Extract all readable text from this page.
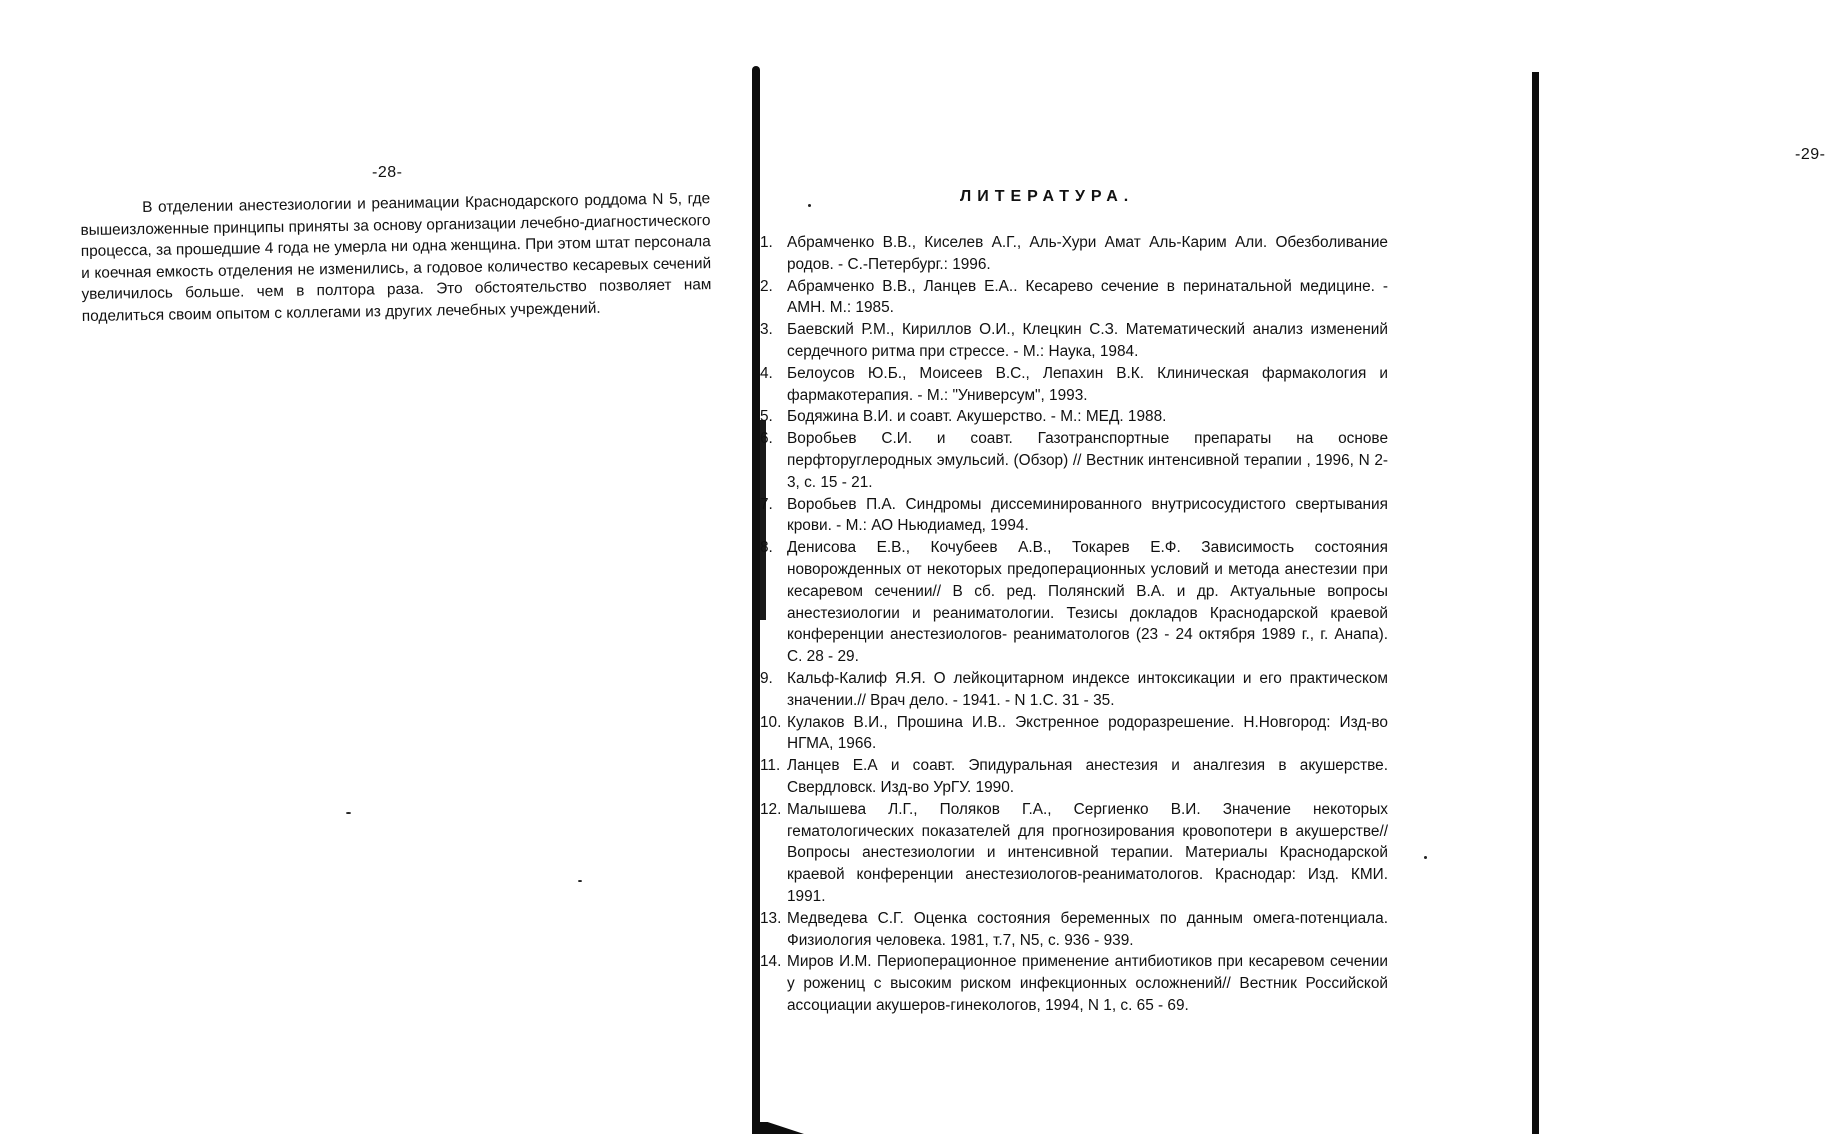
-28-

В отделении анестезиологии и реанимации Краснодарского роддома N 5, где вышеизложенные принципы приняты за основу организации лечебно-диагностического процесса, за прошедшие 4 года не умерла ни одна женщина. При этом штат персонала и коечная емкость отделения не изменились, а годовое количество кесаревых сечений увеличилось больше. чем в полтора раза. Это обстоятельство позволяет нам поделиться своим опытом с коллегами из других лечебных учреждений.

-29-
ЛИТЕРАТУРА.
1. Абрамченко В.В., Киселев А.Г., Аль-Хури Амат Аль-Карим Али. Обезболивание родов. - С.-Петербург.: 1996.
2. Абрамченко В.В., Ланцев Е.А.. Кесарево сечение в перинатальной медицине. - АМН. М.: 1985.
3. Баевский Р.М., Кириллов О.И., Клецкин С.З. Математический анализ изменений сердечного ритма при стрессе. - М.: Наука, 1984.
4. Белоусов Ю.Б., Моисеев В.С., Лепахин В.К. Клиническая фармакология и фармакотерапия. - М.: "Универсум", 1993.
5. Бодяжина В.И. и соавт. Акушерство. - М.: МЕД. 1988.
6. Воробьев С.И. и соавт. Газотранспортные препараты на основе перфторуглеродных эмульсий. (Обзор) // Вестник интенсивной терапии , 1996, N 2-3, с. 15 - 21.
7. Воробьев П.А. Синдромы диссеминированного внутрисосудистого свертывания крови. - М.: АО Ньюдиамед, 1994.
8. Денисова Е.В., Кочубеев А.В., Токарев Е.Ф. Зависимость состояния новорожденных от некоторых предоперационных условий и метода анестезии при кесаревом сечении// В сб. ред. Полянский В.А. и др. Актуальные вопросы анестезиологии и реаниматологии. Тезисы докладов Краснодарской краевой конференции анестезиологов- реаниматологов (23 - 24 октября 1989 г., г. Анапа). С. 28 - 29.
9. Кальф-Калиф Я.Я. О лейкоцитарном индексе интоксикации и его практическом значении.// Врач дело. - 1941. - N 1.С. 31 - 35.
10. Кулаков В.И., Прошина И.В.. Экстренное родоразрешение. Н.Новгород: Изд-во НГМА, 1966.
11. Ланцев Е.А и соавт. Эпидуральная анестезия и аналгезия в акушерстве. Свердловск. Изд-во УрГУ. 1990.
12. Малышева Л.Г., Поляков Г.А., Сергиенко В.И. Значение некоторых гематологических показателей для прогнозирования кровопотери в акушерстве// Вопросы анестезиологии и интенсивной терапии. Материалы Краснодарской краевой конференции анестезиологов-реаниматологов. Краснодар: Изд. КМИ. 1991.
13. Медведева С.Г. Оценка состояния беременных по данным омега-потенциала. Физиология человека. 1981, т.7, N5, с. 936 - 939.
14. Миров И.М. Периоперационное применение антибиотиков при кесаревом сечении у рожениц с высоким риском инфекционных осложнений// Вестник Российской ассоциации акушеров-гинекологов, 1994, N 1, с. 65 - 69.
